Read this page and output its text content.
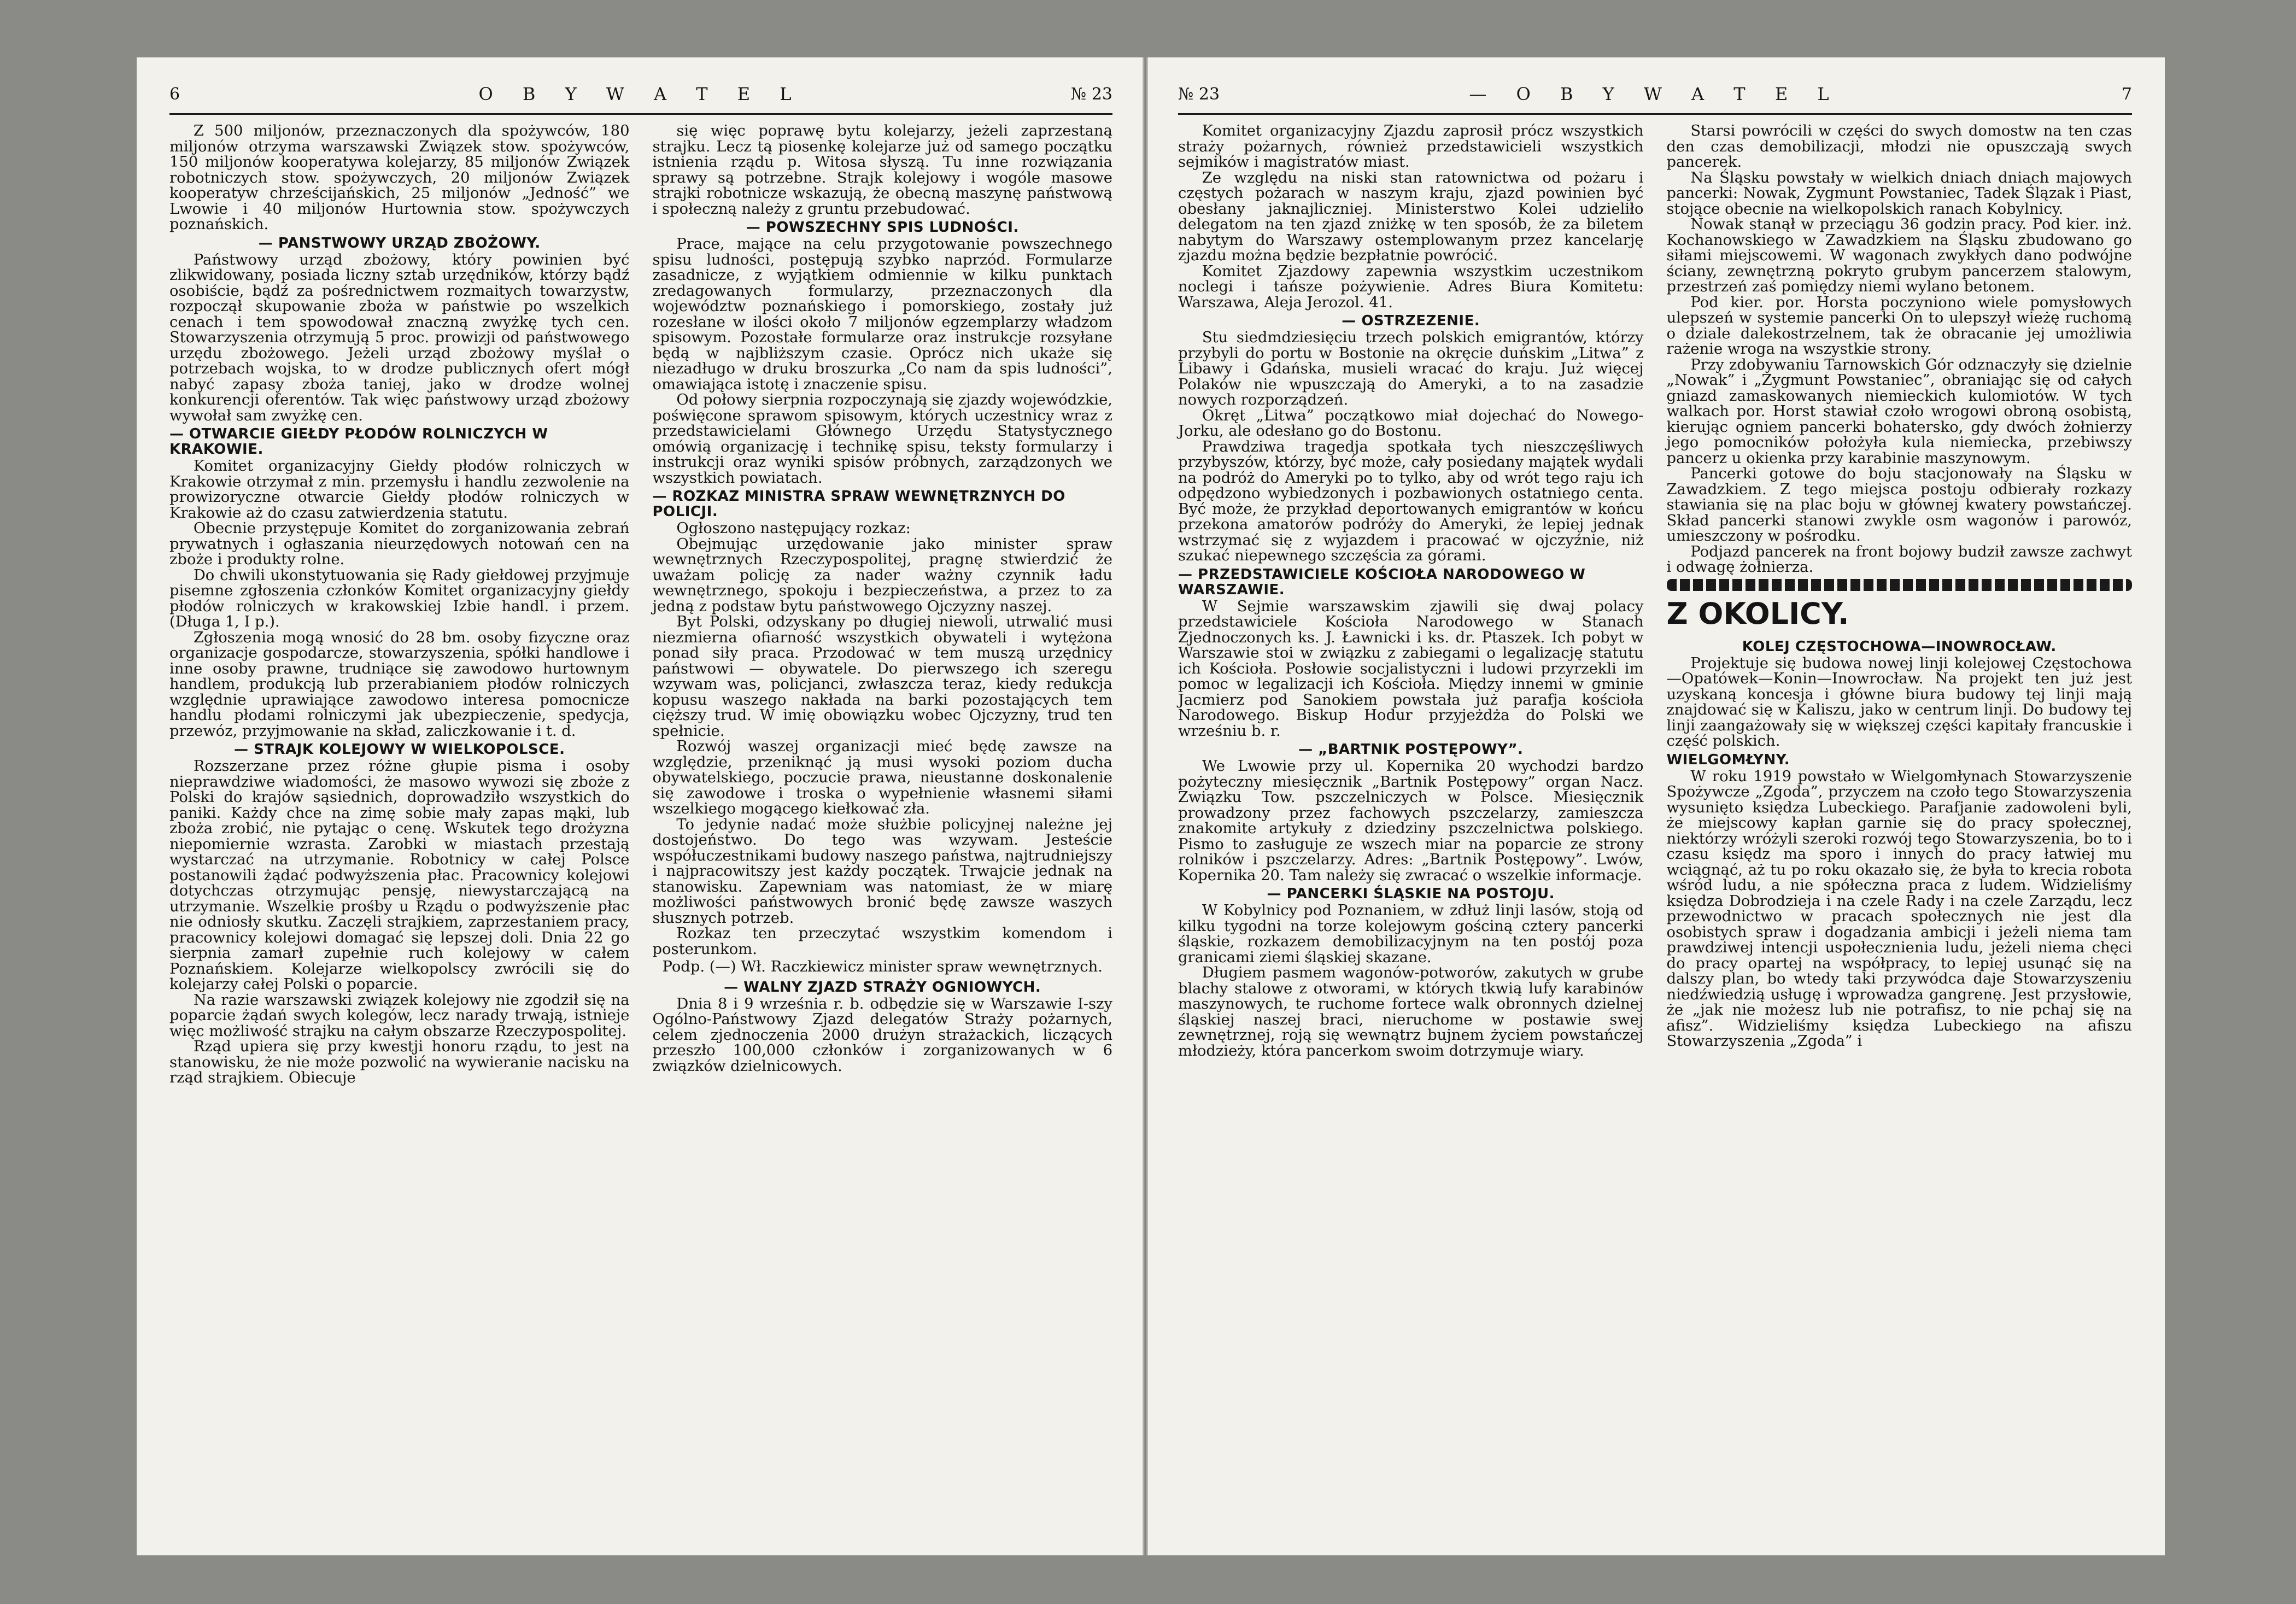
6	O B Y W A T E L	№ 23

Z 500 miljonów, przeznaczonych dla spożywców, 180 miljonów otrzyma warszawski Związek stow. spożywców, 150 miljonów kooperatywa kolejarzy, 85 miljonów Związek robotniczych stow. spożywczych, 20 miljonów Związek kooperatyw chrześcijańskich, 25 miljonów „Jedność” we Lwowie i 40 miljonów Hurtownia stow. spożywczych poznańskich.

— PANSTWOWY URZĄD ZBOŻOWY.

Państwowy urząd zbożowy, który powinien być zlikwidowany, posiada liczny sztab urzędników, którzy bądź osobiście, bądź za pośrednictwem rozmaitych towarzystw, rozpoczął skupowanie zboża w państwie po wszelkich cenach i tem spowodował znaczną zwyżkę tych cen. Stowarzyszenia otrzymują 5 proc. prowizji od państwowego urzędu zbożowego. Jeżeli urząd zbożowy myślał o potrzebach wojska, to w drodze publicznych ofert mógł nabyć zapasy zboża taniej, jako w drodze wolnej konkurencji oferentów. Tak więc państwowy urząd zbożowy wywołał sam zwyżkę cen.

— OTWARCIE GIEŁDY PŁODÓW ROLNICZYCH W KRAKOWIE.

Komitet organizacyjny Giełdy płodów rolniczych w Krakowie otrzymał z min. przemysłu i handlu zezwolenie na prowizoryczne otwarcie Giełdy płodów rolniczych w Krakowie aż do czasu zatwierdzenia statutu.

Obecnie przystępuje Komitet do zorganizowania zebrań prywatnych i ogłaszania nieurzędowych notowań cen na zboże i produkty rolne.

Do chwili ukonstytuowania się Rady giełdowej przyjmuje pisemne zgłoszenia członków Komitet organizacyjny giełdy płodów rolniczych w krakowskiej Izbie handl. i przem. (Długa 1, I p.).

Zgłoszenia mogą wnosić do 28 bm. osoby fizyczne oraz organizacje gospodarcze, stowarzyszenia, spółki handlowe i inne osoby prawne, trudniące się zawodowo hurtownym handlem, produkcją lub przerabianiem płodów rolniczych względnie uprawiające zawodowo interesa pomocnicze handlu płodami rolniczymi jak ubezpieczenie, spedycja, przewóz, przyjmowanie na skład, zaliczkowanie i t. d.

— STRAJK KOLEJOWY W WIELKOPOLSCE.

Rozszerzane przez różne głupie pisma i osoby nieprawdziwe wiadomości, że masowo wywozi się zboże z Polski do krajów sąsiednich, doprowadziło wszystkich do paniki. Każdy chce na zimę sobie mały zapas mąki, lub zboża zrobić, nie pytając o cenę. Wskutek tego drożyzna niepomiernie wzrasta. Zarobki w miastach przestają wystarczać na utrzymanie. Robotnicy w całej Polsce postanowili żądać podwyższenia płac. Pracownicy kolejowi dotychczas otrzymując pensję, niewystarczającą na utrzymanie. Wszelkie prośby u Rządu o podwyższenie płac nie odniosły skutku. Zaczęli strajkiem, zaprzestaniem pracy, pracownicy kolejowi domagać się lepszej doli. Dnia 22 go sierpnia zamarł zupełnie ruch kolejowy w całem Poznańskiem. Kolejarze wielkopolscy zwrócili się do kolejarzy całej Polski o poparcie.

Na razie warszawski związek kolejowy nie zgodził się na poparcie żądań swych kolegów, lecz narady trwają, istnieje więc możliwość strajku na całym obszarze Rzeczypospolitej.

Rząd upiera się przy kwestji honoru rządu, to jest na stanowisku, że nie może pozwolić na wywieranie nacisku na rząd strajkiem. Obiecuje

się więc poprawę bytu kolejarzy, jeżeli zaprzestaną strajku. Lecz tą piosenkę kolejarze już od samego początku istnienia rządu p. Witosa słyszą. Tu inne rozwiązania sprawy są potrzebne. Strajk kolejowy i wogóle masowe strajki robotnicze wskazują, że obecną maszynę państwową i społeczną należy z gruntu przebudować.

— POWSZECHNY SPIS LUDNOŚCI.

Prace, mające na celu przygotowanie powszechnego spisu ludności, postępują szybko naprzód. Formularze zasadnicze, z wyjątkiem odmiennie w kilku punktach zredagowanych formularzy, przeznaczonych dla województw poznańskiego i pomorskiego, zostały już rozesłane w ilości około 7 miljonów egzemplarzy władzom spisowym. Pozostałe formularze oraz instrukcje rozsyłane będą w najbliższym czasie. Oprócz nich ukaże się niezadługo w druku broszurka „Co nam da spis ludności”, omawiająca istotę i znaczenie spisu.

Od połowy sierpnia rozpoczynają się zjazdy wojewódzkie, poświęcone sprawom spisowym, których uczestnicy wraz z przedstawicielami Głównego Urzędu Statystycznego omówią organizację i technikę spisu, teksty formularzy i instrukcji oraz wyniki spisów próbnych, zarządzonych we wszystkich powiatach.

— ROZKAZ MINISTRA SPRAW WEWNĘTRZNYCH DO POLICJI.

Ogłoszono następujący rozkaz:

Obejmując urzędowanie jako minister spraw wewnętrznych Rzeczypospolitej, pragnę stwierdzić że uważam policję za nader ważny czynnik ładu wewnętrznego, spokoju i bezpieczeństwa, a przez to za jedną z podstaw bytu państwowego Ojczyzny naszej.

Byt Polski, odzyskany po długiej niewoli, utrwalić musi niezmierna ofiarność wszystkich obywateli i wytężona ponad siły praca. Przodować w tem muszą urzędnicy państwowi — obywatele. Do pierwszego ich szeregu wzywam was, policjanci, zwłaszcza teraz, kiedy redukcja kopusu waszego nakłada na barki pozostających tem cięższy trud. W imię obowiązku wobec Ojczyzny, trud ten spełnicie.

Rozwój waszej organizacji mieć będę zawsze na względzie, przeniknąć ją musi wysoki poziom ducha obywatelskiego, poczucie prawa, nieustanne doskonalenie się zawodowe i troska o wypełnienie własnemi siłami wszelkiego mogącego kiełkować zła.

To jedynie nadać może służbie policyjnej należne jej dostojeństwo. Do tego was wzywam. Jesteście współuczestnikami budowy naszego państwa, najtrudniejszy i najpracowitszy jest każdy początek. Trwajcie jednak na stanowisku. Zapewniam was natomiast, że w miarę możliwości państwowych bronić będę zawsze waszych słusznych potrzeb.

Rozkaz ten przeczytać wszystkim komendom i posterunkom.

Podp. (—) Wł. Raczkiewicz minister spraw wewnętrznych.

— WALNY ZJAZD STRAŻY OGNIOWYCH.

Dnia 8 i 9 września r. b. odbędzie się w Warszawie I-szy Ogólno-Państwowy Zjazd delegatów Straży pożarnych, celem zjednoczenia 2000 drużyn strażackich, liczących przeszło 100,000 członków i zorganizowanych w 6 związków dzielnicowych.

№ 23	— O B Y W A T E L	7

Komitet organizacyjny Zjazdu zaprosił prócz wszystkich straży pożarnych, również przedstawicieli wszystkich sejmików i magistratów miast.

Ze względu na niski stan ratownictwa od pożaru i częstych pożarach w naszym kraju, zjazd powinien być obesłany jaknajliczniej. Ministerstwo Kolei udzieliło delegatom na ten zjazd zniżkę w ten sposób, że za biletem nabytym do Warszawy ostemplowanym przez kancelarję zjazdu można będzie bezpłatnie powrócić.

Komitet Zjazdowy zapewnia wszystkim uczestnikom noclegi i tańsze pożywienie. Adres Biura Komitetu: Warszawa, Aleja Jerozol. 41.

— OSTRZEZENIE.

Stu siedmdziesięciu trzech polskich emigrantów, którzy przybyli do portu w Bostonie na okręcie duńskim „Litwa” z Libawy i Gdańska, musieli wracać do kraju. Już więcej Polaków nie wpuszczają do Ameryki, a to na zasadzie nowych rozporządzeń.

Okręt „Litwa” początkowo miał dojechać do Nowego-Jorku, ale odesłano go do Bostonu.

Prawdziwa tragedja spotkała tych nieszczęśliwych przybyszów, którzy, być może, cały posiedany majątek wydali na podróż do Ameryki po to tylko, aby od wrót tego raju ich odpędzono wybiedzonych i pozbawionych ostatniego centa. Być może, że przykład deportowanych emigrantów w końcu przekona amatorów podróży do Ameryki, że lepiej jednak wstrzymać się z wyjazdem i pracować w ojczyźnie, niż szukać niepewnego szczęścia za górami.

— PRZEDSTAWICIELE KOŚCIOŁA NARODOWEGO W WARSZAWIE.

W Sejmie warszawskim zjawili się dwaj polacy przedstawiciele Kościoła Narodowego w Stanach Zjednoczonych ks. J. Ławnicki i ks. dr. Ptaszek. Ich pobyt w Warszawie stoi w związku z zabiegami o legalizację statutu ich Kościoła. Posłowie socjalistyczni i ludowi przyrzekli im pomoc w legalizacji ich Kościoła. Między innemi w gminie Jacmierz pod Sanokiem powstała już parafja kościoła Narodowego. Biskup Hodur przyjeżdża do Polski we wrześniu b. r.

— „BARTNIK POSTĘPOWY”.

We Lwowie przy ul. Kopernika 20 wychodzi bardzo pożyteczny miesięcznik „Bartnik Postępowy” organ Nacz. Związku Tow. pszczelniczych w Polsce. Miesięcznik prowadzony przez fachowych pszczelarzy, zamieszcza znakomite artykuły z dziedziny pszczelnictwa polskiego. Pismo to zasługuje ze wszech miar na poparcie ze strony rolników i pszczelarzy. Adres: „Bartnik Postępowy”. Lwów, Kopernika 20. Tam należy się zwracać o wszelkie informacje.

— PANCERKI ŚLĄSKIE NA POSTOJU.

W Kobylnicy pod Poznaniem, w zdłuż linji lasów, stoją od kilku tygodni na torze kolejowym gościną cztery pancerki śląskie, rozkazem demobilizacyjnym na ten postój poza granicami ziemi śląskiej skazane.

Długiem pasmem wagonów-potworów, zakutych w grube blachy stalowe z otworami, w których tkwią lufy karabinów maszynowych, te ruchome fortece walk obronnych dzielnej śląskiej naszej braci, nieruchome w postawie swej zewnętrznej, roją się wewnątrz bujnem życiem powstańczej młodzieży, która pancerkom swoim dotrzymuje wiary.

Starsi powrócili w części do swych domostw na ten czas den czas demobilizacji, młodzi nie opuszczają swych pancerek.

Na Śląsku powstały w wielkich dniach dniach majowych pancerki: Nowak, Zygmunt Powstaniec, Tadek Ślązak i Piast, stojące obecnie na wielkopolskich ranach Kobylnicy.

Nowak stanął w przeciągu 36 godzin pracy. Pod kier. inż. Kochanowskiego w Zawadzkiem na Śląsku zbudowano go siłami miejscowemi. W wagonach zwykłych dano podwójne ściany, zewnętrzną pokryto grubym pancerzem stalowym, przestrzeń zaś pomiędzy niemi wylano betonem.

Pod kier. por. Horsta poczyniono wiele pomysłowych ulepszeń w systemie pancerki On to ulepszył wieżę ruchomą o dziale dalekostrzelnem, tak że obracanie jej umożliwia rażenie wroga na wszystkie strony.

Przy zdobywaniu Tarnowskich Gór odznaczyły się dzielnie „Nowak” i „Zygmunt Powstaniec”, obraniając się od całych gniazd zamaskowanych niemieckich kulomiotów. W tych walkach por. Horst stawiał czoło wrogowi obroną osobistą, kierując ogniem pancerki bohatersko, gdy dwóch żołnierzy jego pomocników położyła kula niemiecka, przebiwszy pancerz u okienka przy karabinie maszynowym.

Pancerki gotowe do boju stacjonowały na Śląsku w Zawadzkiem. Z tego miejsca postoju odbierały rozkazy stawiania się na plac boju w głównej kwatery powstańczej. Skład pancerki stanowi zwykle osm wagonów i parowóz, umieszczony w pośrodku.

Podjazd pancerek na front bojowy budził zawsze zachwyt i odwagę żołnierza.

Z OKOLICY.
KOLEJ CZĘSTOCHOWA—INOWROCŁAW.

Projektuje się budowa nowej linji kolejowej Częstochowa—Opatówek—Konin—Inowrocław. Na projekt ten już jest uzyskaną koncesja i główne biura budowy tej linji mają znajdować się w Kaliszu, jako w centrum linji. Do budowy tej linji zaangażowały się w większej części kapitały francuskie i część polskich.

WIELGOMŁYNY.

W roku 1919 powstało w Wielgomłynach Stowarzyszenie Spożywcze „Zgoda”, przyczem na czoło tego Stowarzyszenia wysunięto księdza Lubeckiego. Parafjanie zadowoleni byli, że miejscowy kapłan garnie się do pracy społecznej, niektórzy wróżyli szeroki rozwój tego Stowarzyszenia, bo to i czasu księdz ma sporo i innych do pracy łatwiej mu wciągnąć, aż tu po roku okazało się, że była to krecia robota wśród ludu, a nie spółeczna praca z ludem. Widzieliśmy księdza Dobrodzieja i na czele Rady i na czele Zarządu, lecz przewodnictwo w pracach społecznych nie jest dla osobistych spraw i dogadzania ambicji i jeżeli niema tam prawdziwej intencji uspołecznienia ludu, jeżeli niema chęci do pracy opartej na współpracy, to lepiej usunąć się na dalszy plan, bo wtedy taki przywódca daje Stowarzyszeniu niedźwiedzią usługę i wprowadza gangrenę. Jest przysłowie, że „jak nie możesz lub nie potrafisz, to nie pchaj się na afisz”. Widzieliśmy księdza Lubeckiego na afiszu Stowarzyszenia „Zgoda” i
